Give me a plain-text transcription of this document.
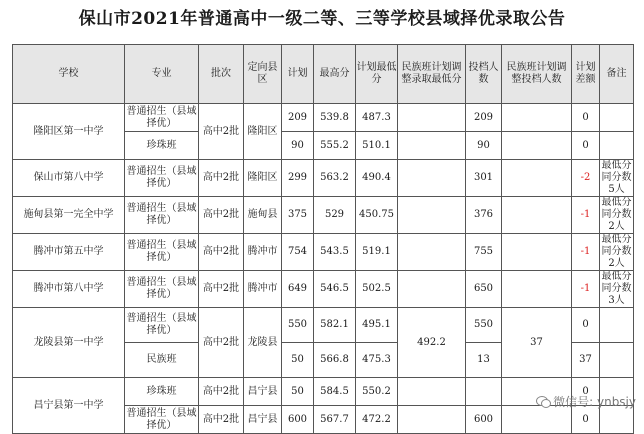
保山市2021年普通高中一级二等、三等学校县域择优录取公告
学校	专业	批次	定向县区	计划	最高分	计划最低分	民族班计划调整录取最低分	投档人数	民族班计划调整投档人数	计划差额	备注
隆阳区第一中学	普通招生（县域择优）	高中2批	隆阳区	209	539.8	487.3		209		0	
	珍珠班			90	555.2	510.1		90		0	
保山市第八中学	普通招生（县域择优）	高中2批	隆阳区	299	563.2	490.4		301		-2	最低分同分数5人
施甸县第一完全中学	普通招生（县域择优）	高中2批	施甸县	375	529	450.75		376		-1	最低分同分数2人
腾冲市第五中学	普通招生（县域择优）	高中2批	腾冲市	754	543.5	519.1		755		-1	最低分同分数2人
腾冲市第八中学	普通招生（县域择优）	高中2批	腾冲市	649	546.5	502.5		650		-1	最低分同分数3人
龙陵县第一中学	普通招生（县域择优）	高中2批	龙陵县	550	582.1	495.1	492.2	550	37	0	
	民族班			50	566.8	475.3		13		37	
昌宁县第一中学	珍珠班	高中2批	昌宁县	50	584.5	550.2				0	
	普通招生（县域择优）	高中2批	昌宁县	600	567.7	472.2		600		0	
微信号: ynbsjy
